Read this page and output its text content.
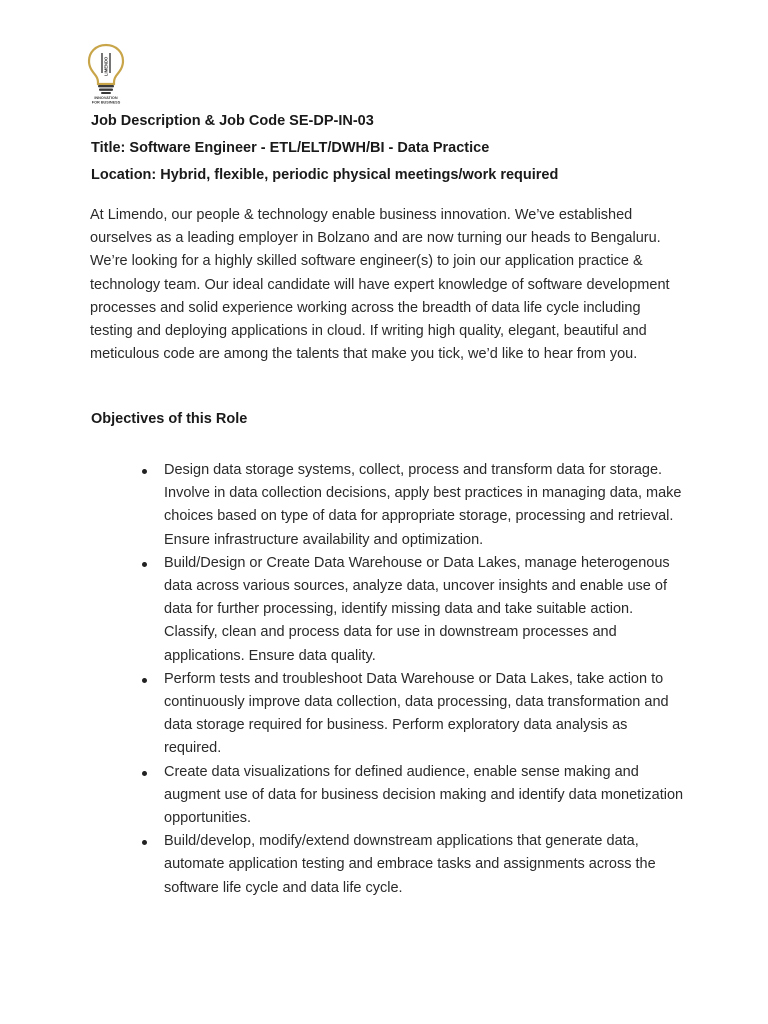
LIMENDO
INNOVATION
FOR BUSINESS
Job Description & Job Code SE-DP-IN-03
Title: Software Engineer - ETL/ELT/DWH/BI - Data Practice
Location: Hybrid, flexible, periodic physical meetings/work required

At Limendo, our people & technology enable business innovation. We’ve established ourselves as a leading employer in Bolzano and are now turning our heads to Bengaluru. We’re looking for a highly skilled software engineer(s) to join our application practice & technology team. Our ideal candidate will have expert knowledge of software development processes and solid experience working across the breadth of data life cycle including testing and deploying applications in cloud. If writing high quality, elegant, beautiful and meticulous code are among the talents that make you tick, we’d like to hear from you.

Objectives of this Role
Design data storage systems, collect, process and transform data for storage. Involve in data collection decisions, apply best practices in managing data, make choices based on type of data for appropriate storage, processing and retrieval. Ensure infrastructure availability and optimization.
Build/Design or Create Data Warehouse or Data Lakes, manage heterogenous data across various sources, analyze data, uncover insights and enable use of data for further processing, identify missing data and take suitable action. Classify, clean and process data for use in downstream processes and applications. Ensure data quality.
Perform tests and troubleshoot Data Warehouse or Data Lakes, take action to continuously improve data collection, data processing, data transformation and data storage required for business. Perform exploratory data analysis as required.
Create data visualizations for defined audience, enable sense making and augment use of data for business decision making and identify data monetization opportunities.
Build/develop, modify/extend downstream applications that generate data, automate application testing and embrace tasks and assignments across the software life cycle and data life cycle.
